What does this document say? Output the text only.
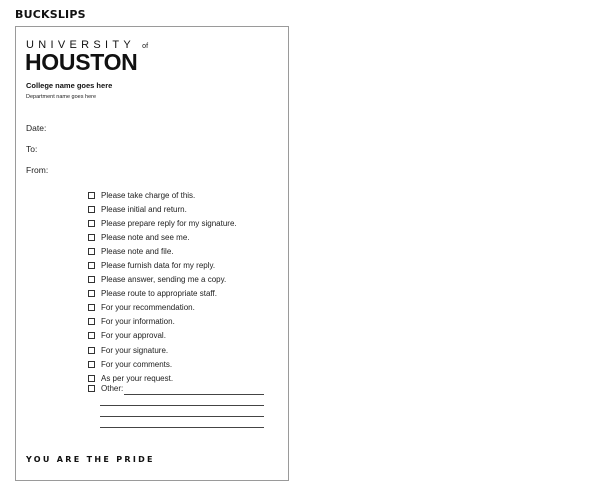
BUCKSLIPS
UNIVERSITY of
HOUSTON
College name goes here
Department name goes here
Date:
To:
From:
Please take charge of this.
Please initial and return.
Please prepare reply for my signature.
Please note and see me.
Please note and file.
Please furnish data for my reply.
Please answer, sending me a copy.
Please route to appropriate staff.
For your recommendation.
For your information.
For your approval.
For your signature.
For your comments.
As per your request.
Other:
YOU ARE THE PRIDE
